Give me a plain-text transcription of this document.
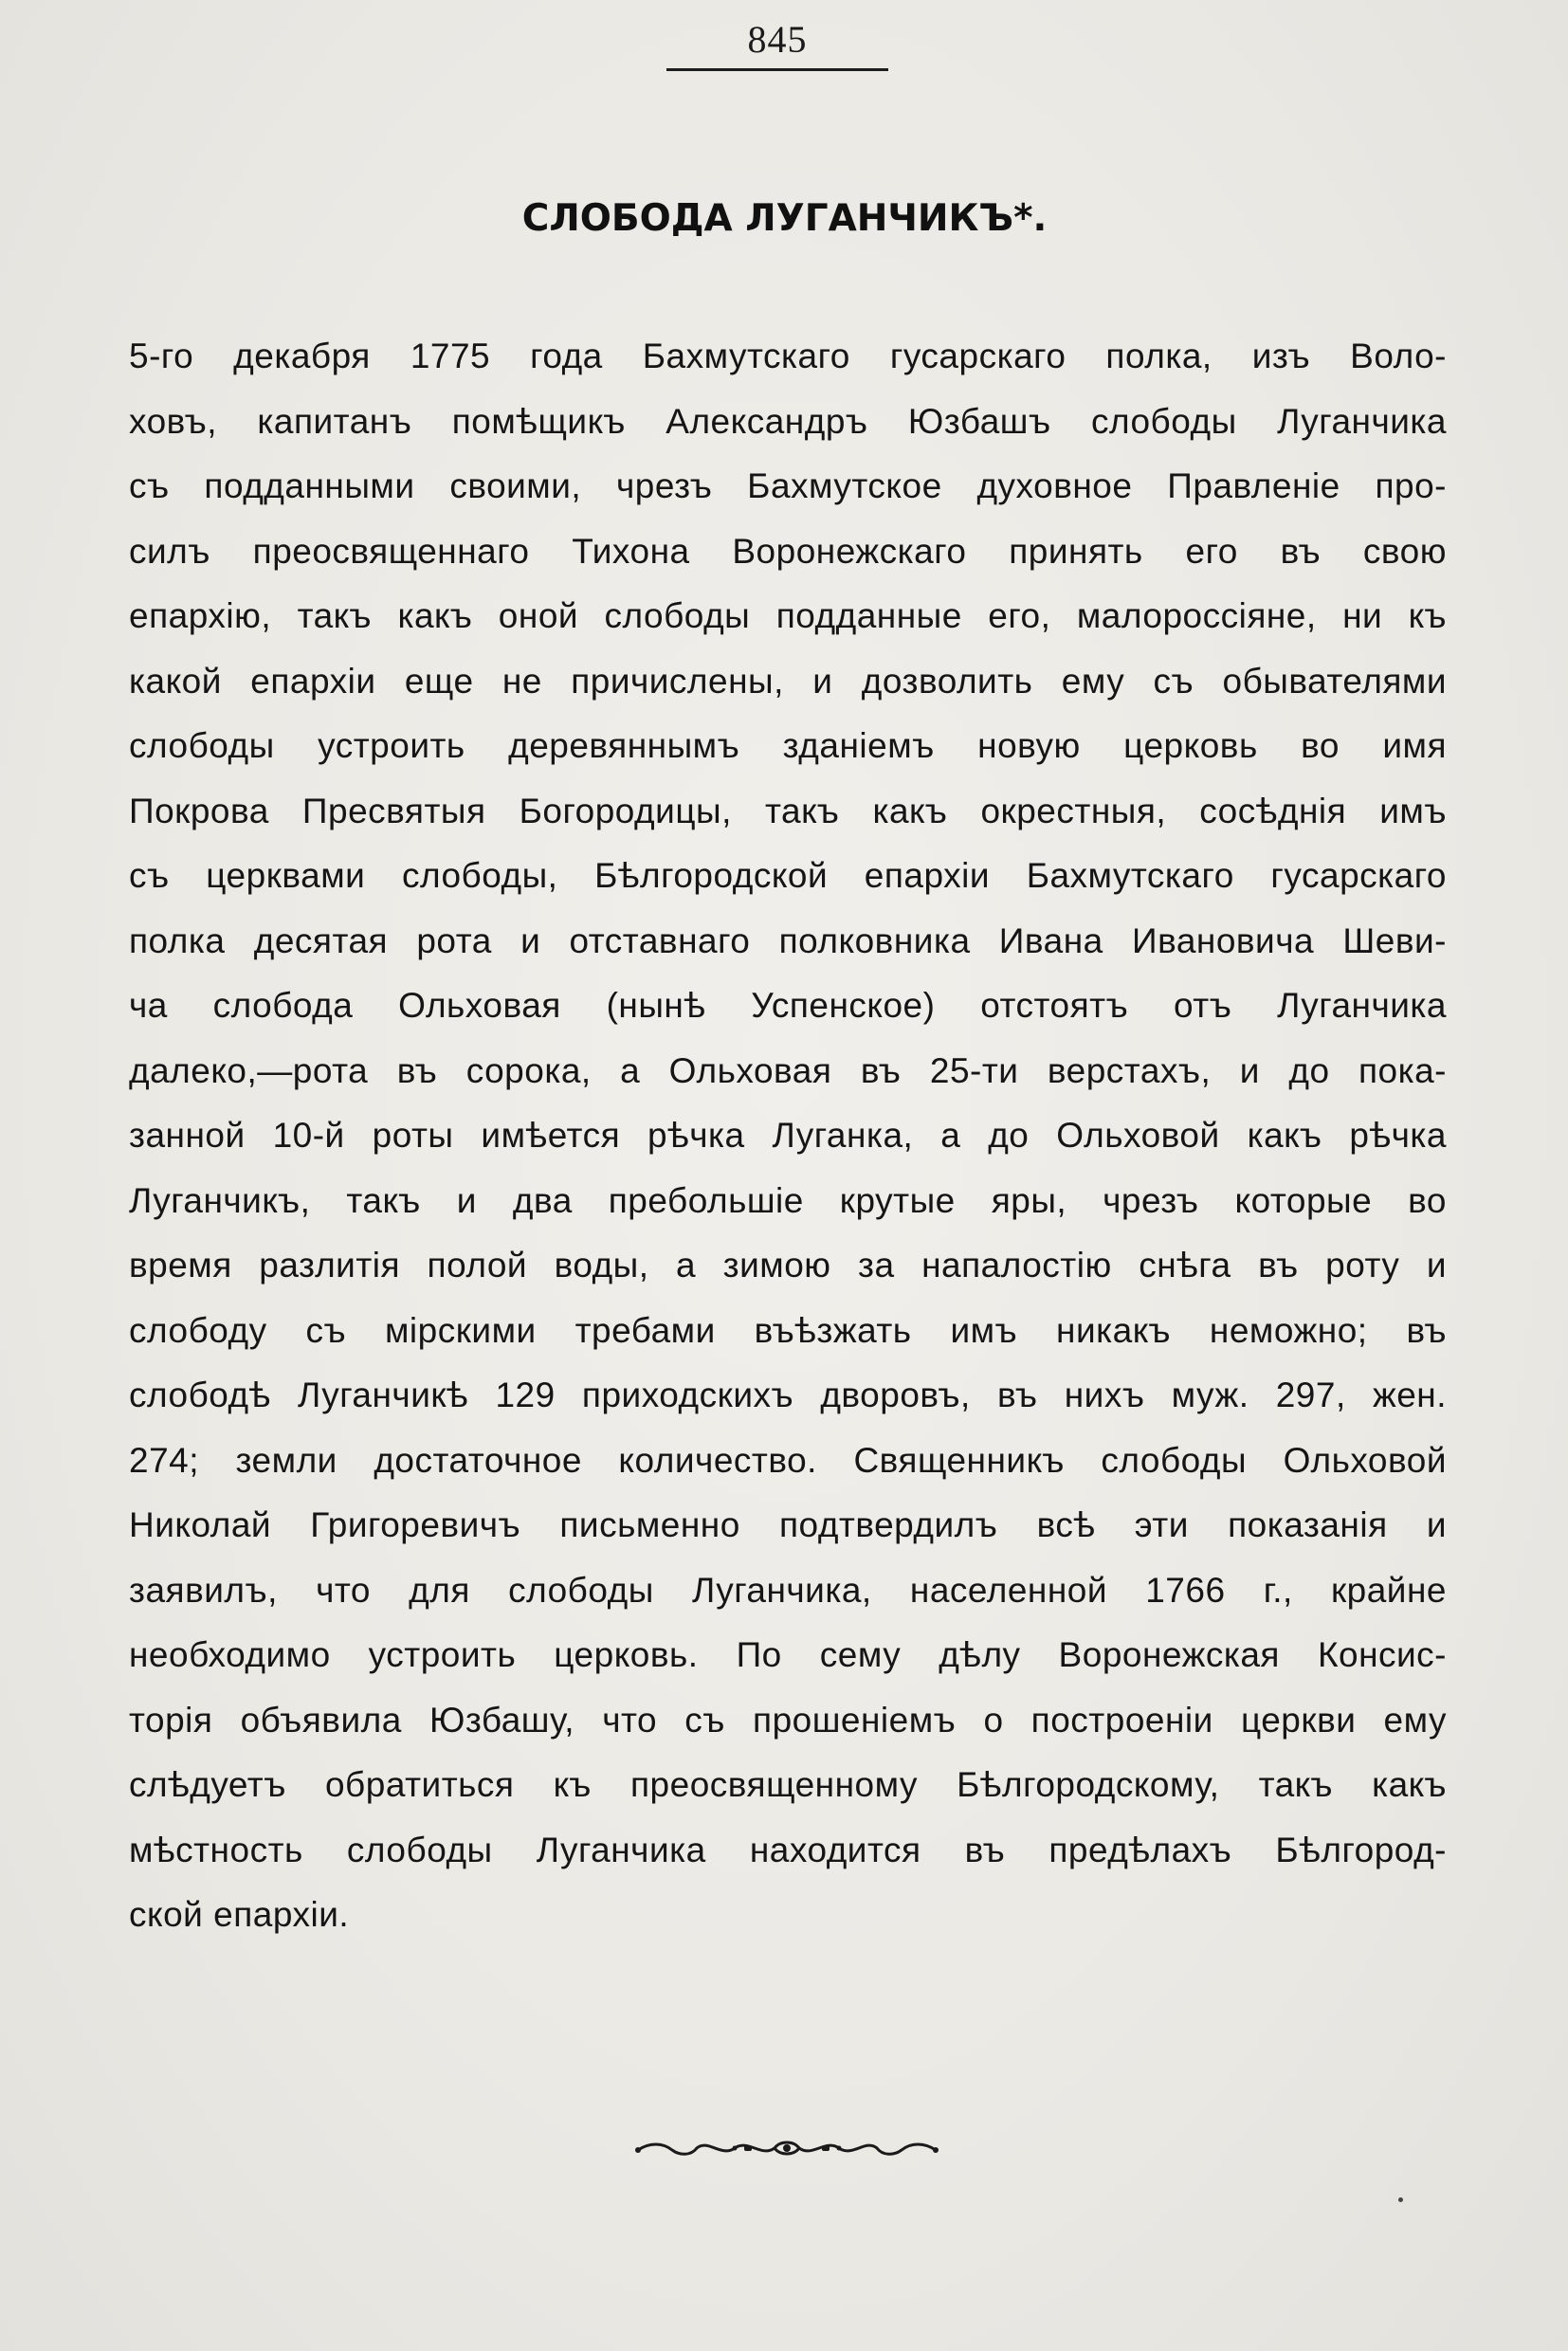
845
СЛОБОДА ЛУГАНЧИКЪ*.
5-го декабря 1775 года Бахмутскаго гусарскаго полка, изъ Воло-
ховъ, капитанъ помѣщикъ Александръ Юзбашъ слободы Луганчика
съ подданными своими, чрезъ Бахмутское духовное Правленіе про-
силъ преосвященнаго Тихона Воронежскаго принять его въ свою
епархію, такъ какъ оной слободы подданные его, малороссіяне, ни къ
какой епархіи еще не причислены, и дозволить ему съ обывателями
слободы устроить деревяннымъ зданіемъ новую церковь во имя
Покрова Пресвятыя Богородицы, такъ какъ окрестныя, сосѣднія имъ
съ церквами слободы, Бѣлгородской епархіи Бахмутскаго гусарскаго
полка десятая рота и отставнаго полковника Ивана Ивановича Шеви-
ча слобода Ольховая (нынѣ Успенское) отстоятъ отъ Луганчика
далеко,—рота въ сорока, а Ольховая въ 25-ти верстахъ, и до пока-
занной 10-й роты имѣется рѣчка Луганка, а до Ольховой какъ рѣчка
Луганчикъ, такъ и два пребольшіе крутые яры, чрезъ которые во
время разлитія полой воды, а зимою за напалостію снѣга въ роту и
слободу съ мірскими требами въѣзжать имъ никакъ неможно; въ
слободѣ Луганчикѣ 129 приходскихъ дворовъ, въ нихъ муж. 297, жен.
274; земли достаточное количество. Священникъ слободы Ольховой
Николай Григоревичъ письменно подтвердилъ всѣ эти показанія и
заявилъ, что для слободы Луганчика, населенной 1766 г., крайне
необходимо устроить церковь. По сему дѣлу Воронежская Консис-
торія объявила Юзбашу, что съ прошеніемъ о построеніи церкви ему
слѣдуетъ обратиться къ преосвященному Бѣлгородскому, такъ какъ
мѣстность слободы Луганчика находится въ предѣлахъ Бѣлгород-
ской епархіи.
